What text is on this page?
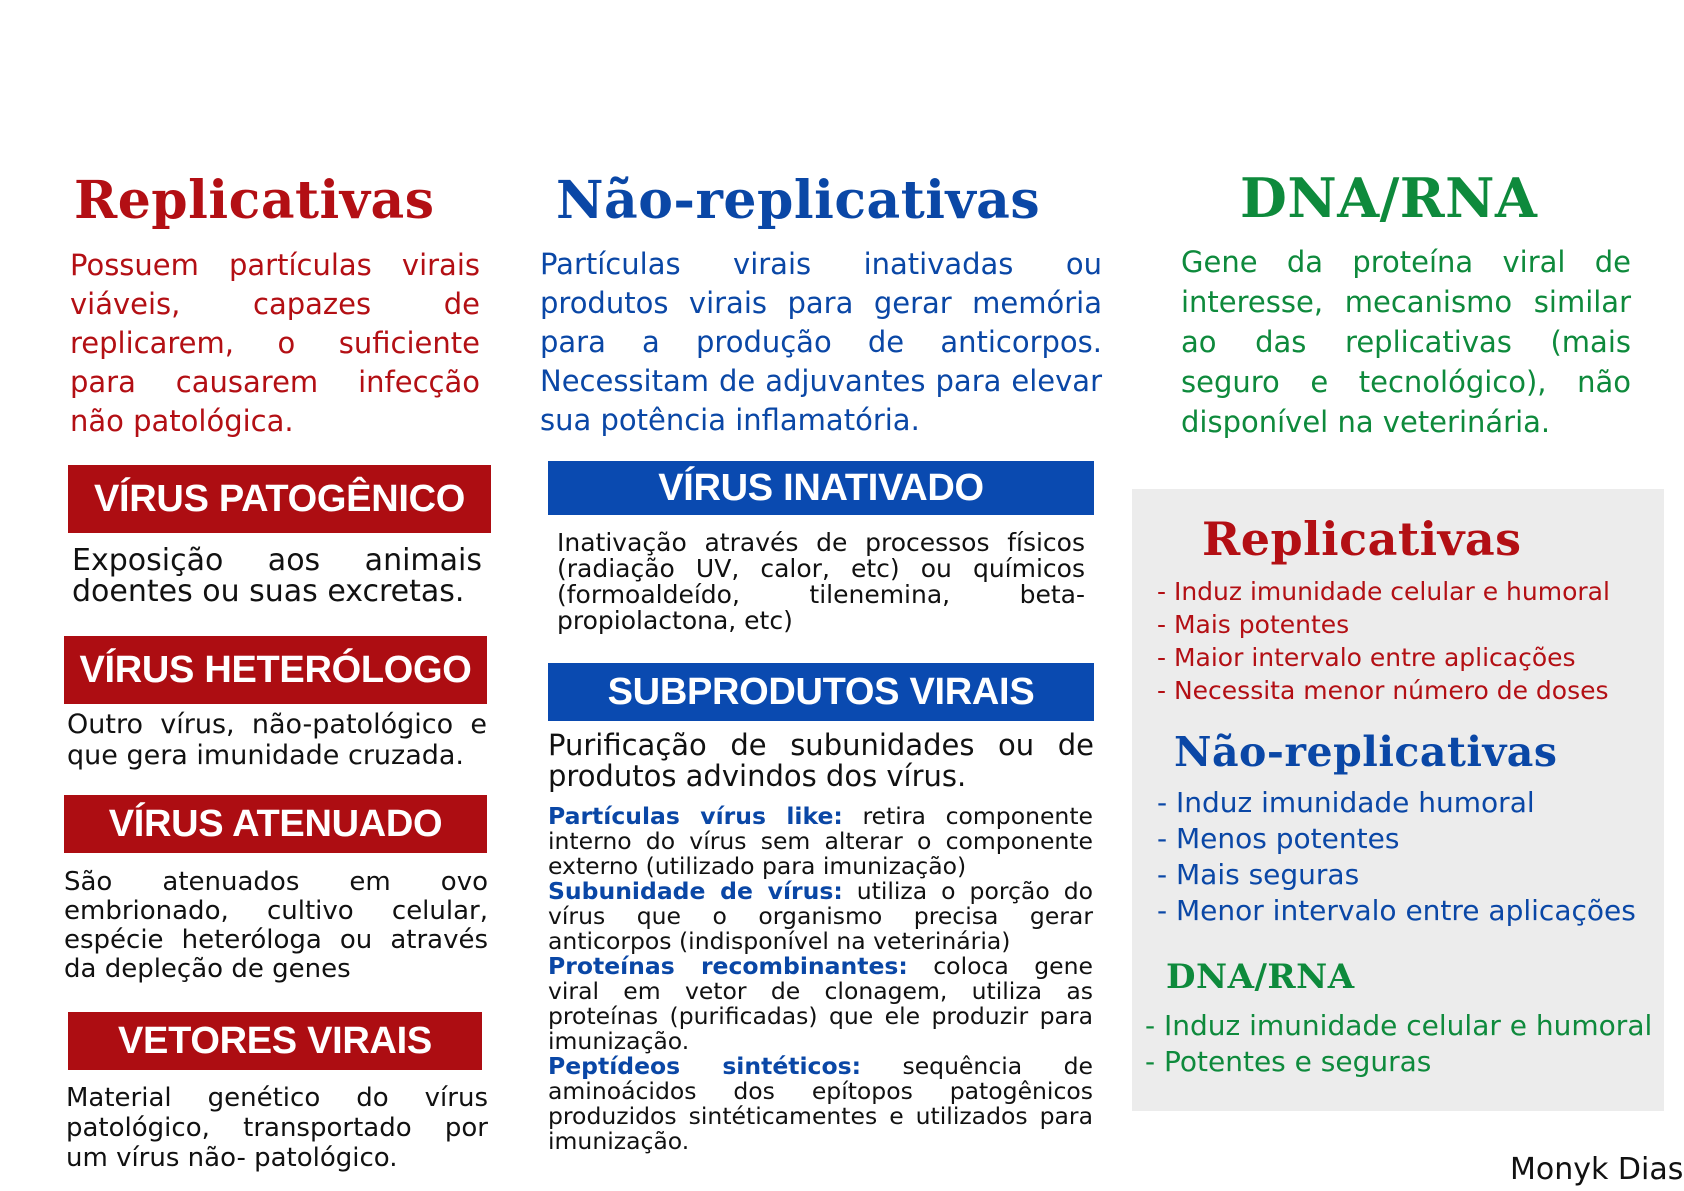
Replicativas
Possuem partículas virais viáveis, capazes de replicarem, o suficiente para causarem infecção não patológica.
VÍRUS PATOGÊNICO
Exposição aos animais doentes ou suas excretas.
VÍRUS HETERÓLOGO
Outro vírus, não-patológico e que gera imunidade cruzada.
VÍRUS ATENUADO
São atenuados em ovo embrionado, cultivo celular, espécie heteróloga ou através da depleção de genes
VETORES VIRAIS
Material genético do vírus patológico, transportado por um vírus não- patológico.
Não-replicativas
Partículas virais inativadas ou produtos virais para gerar memória para a produção de anticorpos. Necessitam de adjuvantes para elevar sua potência inflamatória.
VÍRUS INATIVADO
Inativação através de processos físicos (radiação UV, calor, etc) ou químicos (formoaldeído, tilenemina, beta-propiolactona, etc)
SUBPRODUTOS VIRAIS
Purificação de subunidades ou de produtos advindos dos vírus.
Partículas vírus like: retira componente interno do vírus sem alterar o componente externo (utilizado para imunização)
Subunidade de vírus: utiliza o porção do vírus que o organismo precisa gerar anticorpos (indisponível na veterinária)
Proteínas recombinantes: coloca gene viral em vetor de clonagem, utiliza as proteínas (purificadas) que ele produzir para imunização.
Peptídeos sintéticos: sequência de aminoácidos dos epítopos patogênicos produzidos sintéticamentes e utilizados para imunização.
DNA/RNA
Gene da proteína viral de interesse, mecanismo similar ao das replicativas (mais seguro e tecnológico), não disponível na veterinária.
Replicativas
- Induz imunidade celular e humoral
- Mais potentes
- Maior intervalo entre aplicações
- Necessita menor número de doses
Não-replicativas
- Induz imunidade humoral
- Menos potentes
- Mais seguras
- Menor intervalo entre aplicações
DNA/RNA
- Induz imunidade celular e humoral
- Potentes e seguras
Monyk Dias
